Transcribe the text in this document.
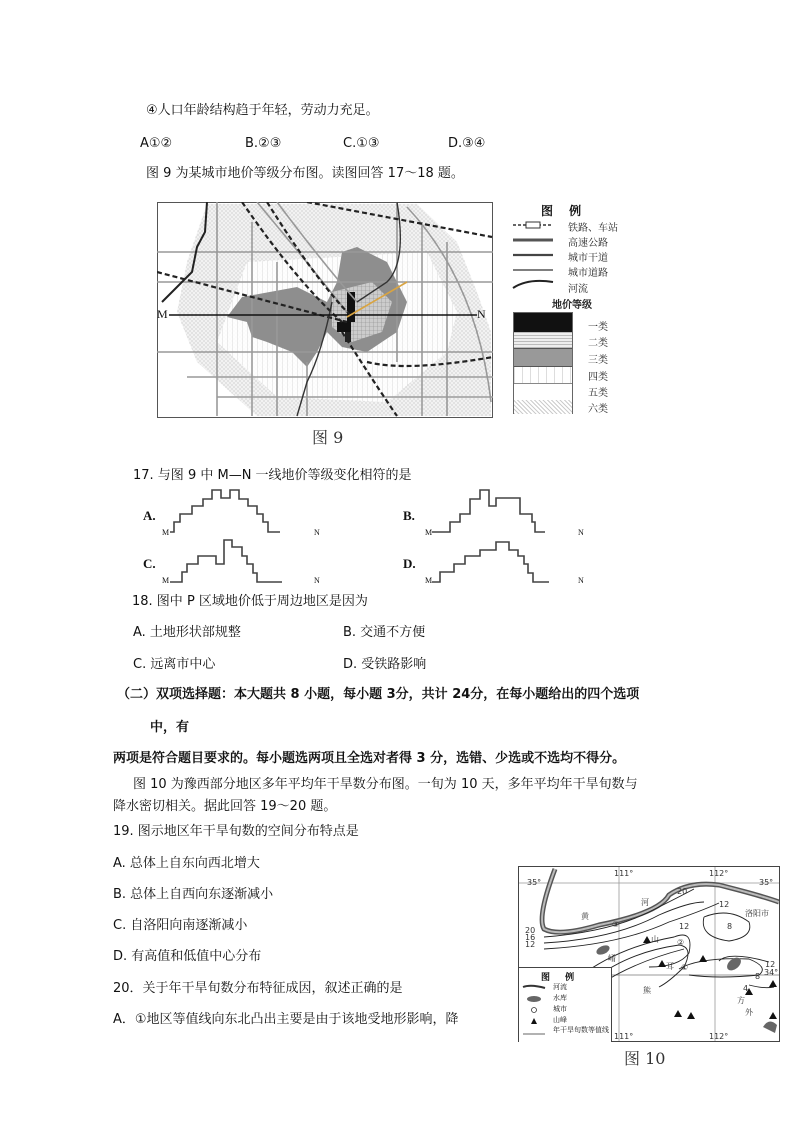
④人口年龄结构趋于年轻，劳动力充足。
A①②	B.②③	C.①③	D.③④
图 9 为某城市地价等级分布图。读图回答 17～18 题。
M	N
图 9
图 例
铁路、车站
高速公路
城市干道
城市道路
河流
地价等级
一类
二类
三类
四类
五类
六类
17. 与图 9 中 M—N 一线地价等级变化相符的是
A.
M	N
B.
M	N
C.
M	N
D.
M	N
18. 图中 P 区域地价低于周边地区是因为
A. 土地形状部规整	B. 交通不方便
C. 远离市中心	D. 受铁路影响
（二）双项选择题：本大题共 8 小题，每小题 3分，共计 24分，在每小题给出的四个选项
中，有
两项是符合题目要求的。每小题选两项且全选对者得 3 分，选错、少选或不选均不得分。
图 10 为豫西部分地区多年平均年干旱数分布图。一旬为 10 天，多年平均年干旱旬数与
降水密切相关。据此回答 19～20 题。
19. 图示地区年干旱旬数的空间分布特点是
A. 总体上自东向西北增大
B. 总体上自西向东逐渐减小
C. 自洛阳向南逐渐减小
D. 有高值和低值中心分布
20．关于年干旱旬数分布特征成因，叙述正确的是
A．①地区等值线向东北凸出主要是由于该地受地形影响，降
③
②
①
35°	35°
111°	112°
111°	112°
34°
黄
河
洛阳市
山
崤
耳
熊
方
外
20
16
12
20
12
12	8
12
8
4
图 例
河流
水库
城市
山峰
年干旱旬数等值线
图 10
